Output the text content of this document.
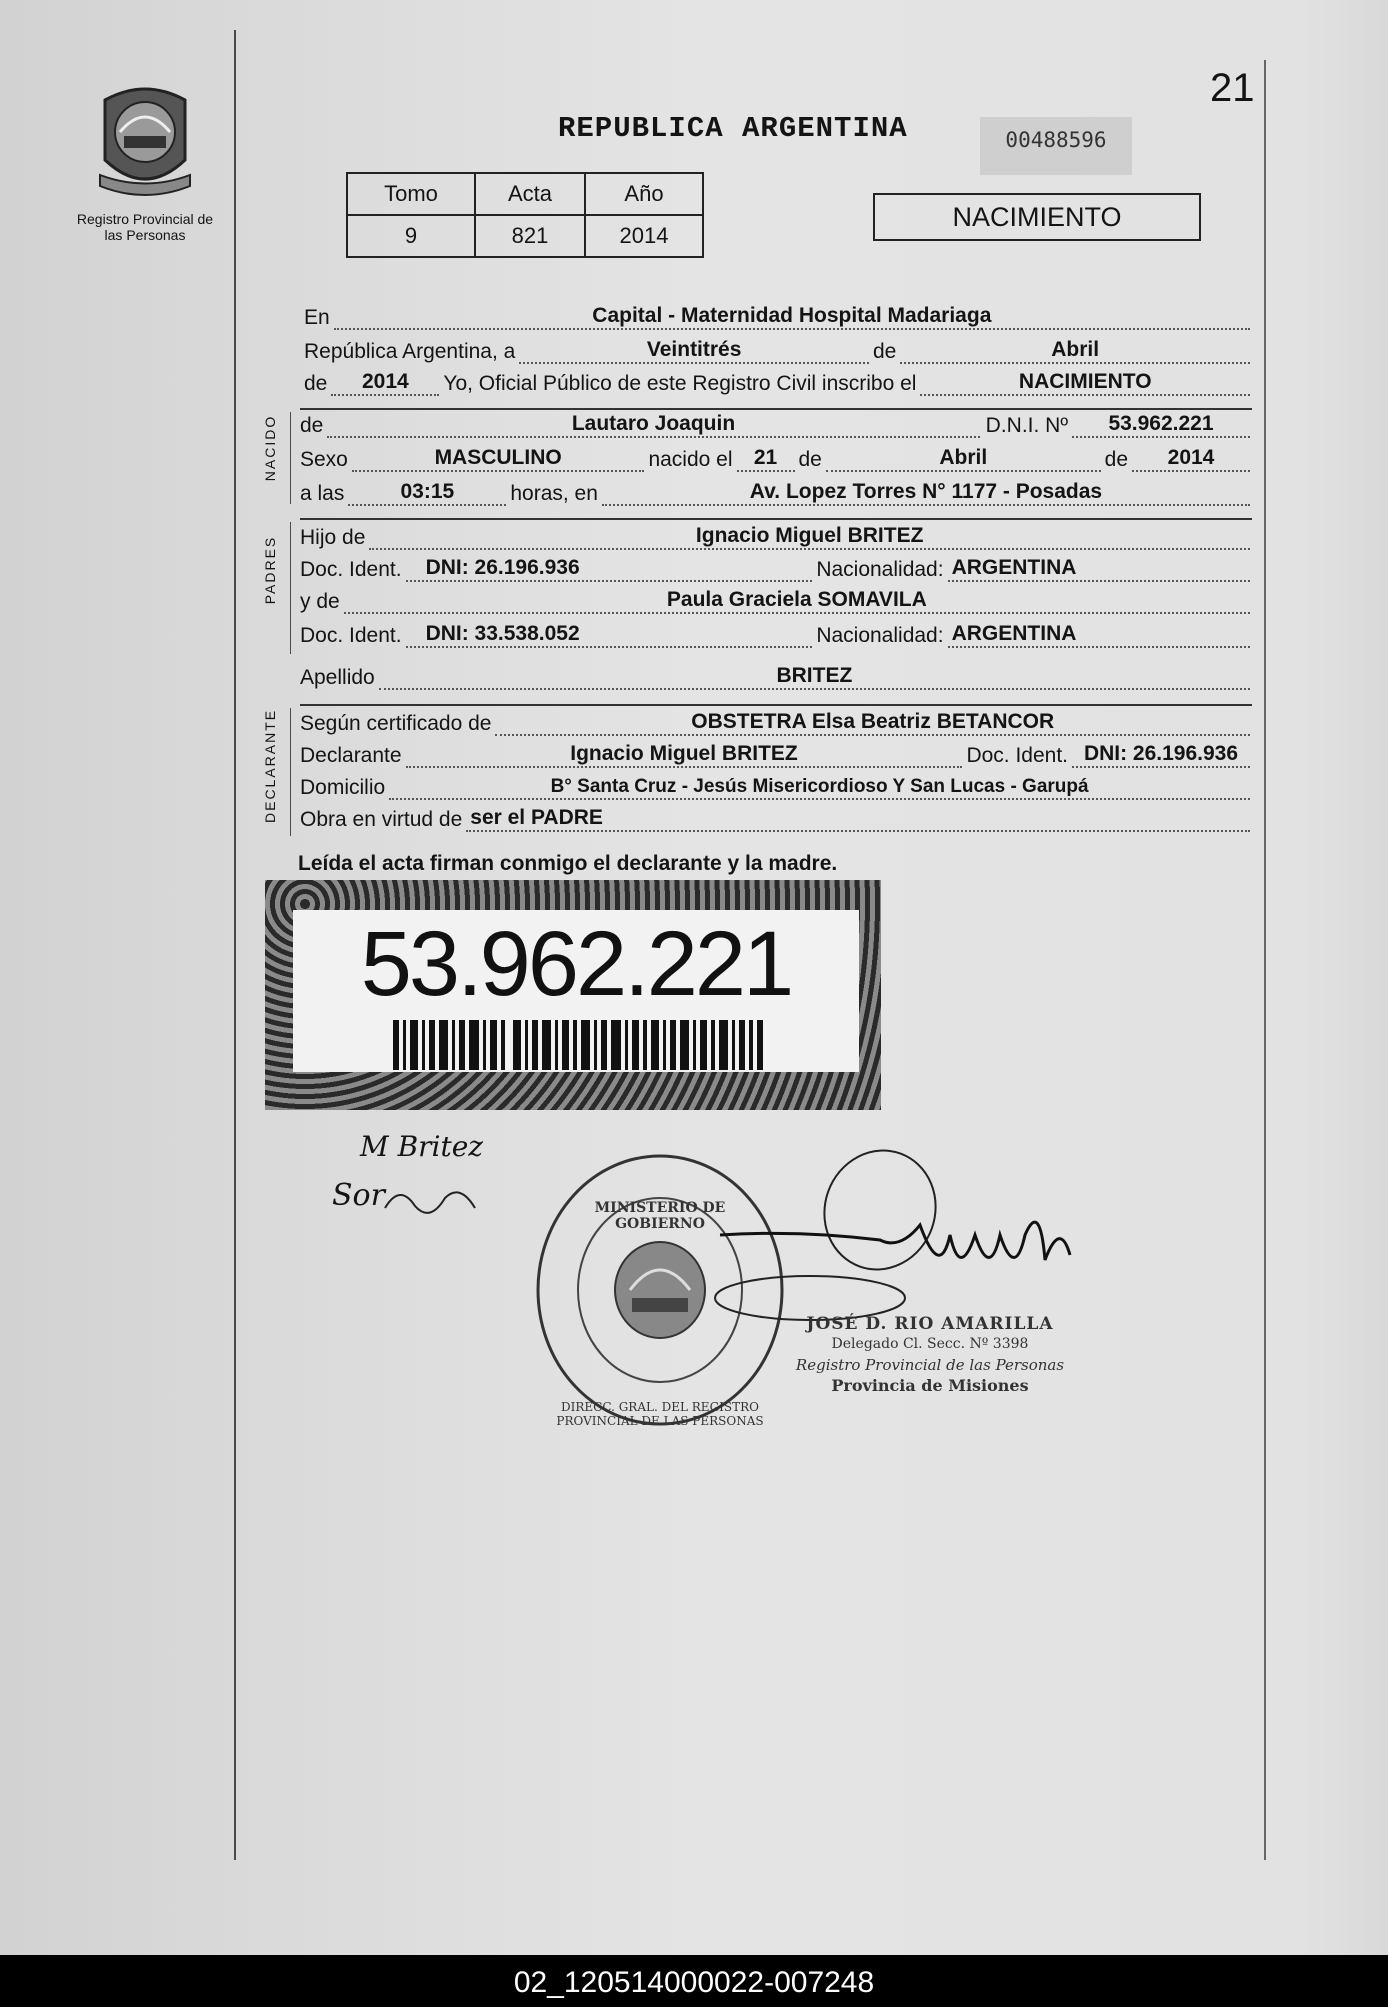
21
Registro Provincial de las Personas
REPUBLICA ARGENTINA	00488596
Tomo	Acta	Año
9	821	2014
NACIMIENTO
En	Capital - Maternidad Hospital Madariaga
República Argentina, a	Veintitrés	de	Abril
de	2014	Yo, Oficial Público de este Registro Civil inscribo el	NACIMIENTO
NACIDO de	Lautaro Joaquin	D.N.I. Nº	53.962.221
Sexo	MASCULINO	nacido el	21	de	Abril	de	2014
a las	03:15	horas, en	Av. Lopez Torres N° 1177 - Posadas
PADRES Hijo de	Ignacio Miguel BRITEZ
Doc. Ident.	DNI: 26.196.936	Nacionalidad: ARGENTINA
y de	Paula Graciela SOMAVILA
Doc. Ident.	DNI: 33.538.052	Nacionalidad: ARGENTINA
Apellido	BRITEZ
DECLARANTE Según certificado de	OBSTETRA Elsa Beatriz BETANCOR
Declarante	Ignacio Miguel BRITEZ	Doc. Ident. DNI: 26.196.936
Domicilio	B° Santa Cruz - Jesús Misericordioso Y San Lucas - Garupá
Obra en virtud de ser el PADRE
Leída el acta firman conmigo el declarante y la madre.
53.962.221
M Britez
Sor	MINISTERIO DE GOBIERNO
DIRECC. GRAL. DEL REGISTRO PROVINCIAL DE LAS PERSONAS
JOSÉ D. RIO AMARILLA
Delegado Cl. Secc. Nº 3398
Registro Provincial de las Personas
Provincia de Misiones
02_120514000022-007248
